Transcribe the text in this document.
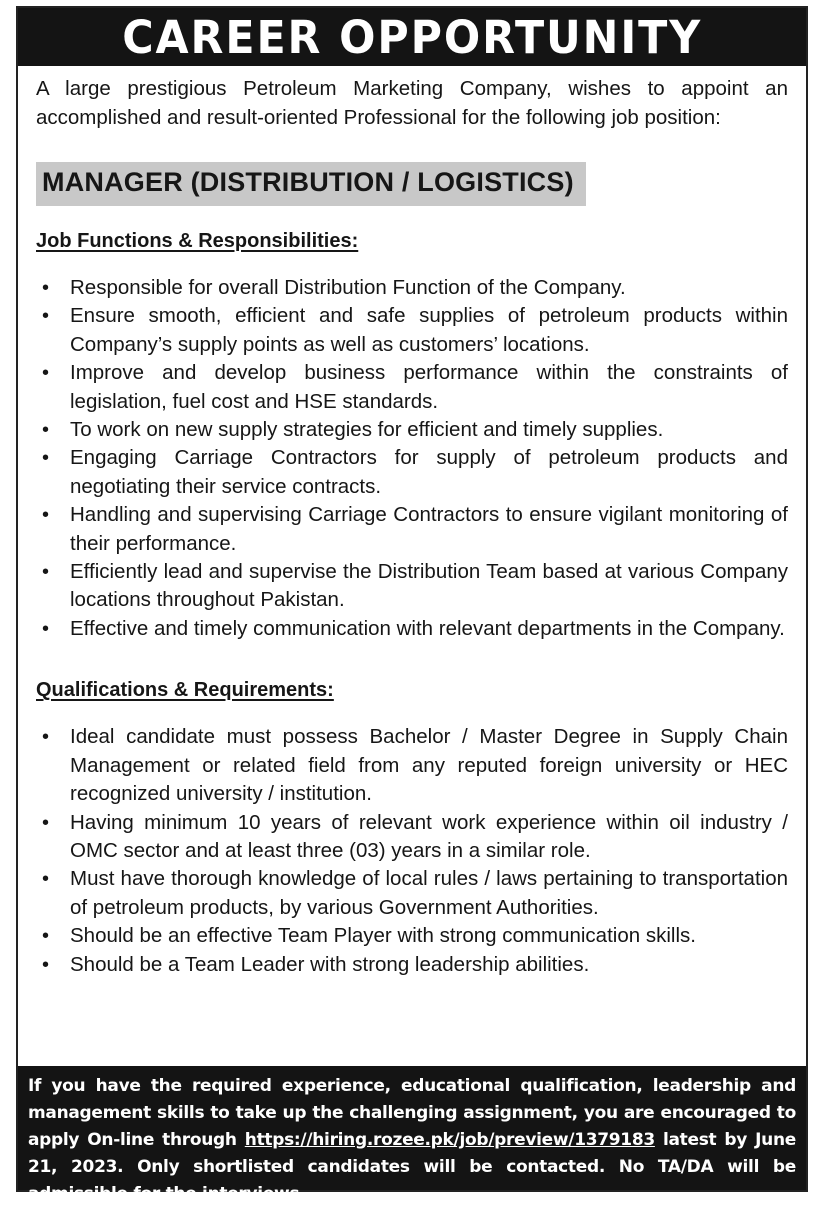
CAREER OPPORTUNITY
A large prestigious Petroleum Marketing Company, wishes to appoint an accomplished and result-oriented Professional for the following job position:
MANAGER (DISTRIBUTION / LOGISTICS)
Job Functions & Responsibilities:
• Responsible for overall Distribution Function of the Company.
• Ensure smooth, efficient and safe supplies of petroleum products within Company’s supply points as well as customers’ locations.
• Improve and develop business performance within the constraints of legislation, fuel cost and HSE standards.
• To work on new supply strategies for efficient and timely supplies.
• Engaging Carriage Contractors for supply of petroleum products and negotiating their service contracts.
• Handling and supervising Carriage Contractors to ensure vigilant monitoring of their performance.
• Efficiently lead and supervise the Distribution Team based at various Company locations throughout Pakistan.
• Effective and timely communication with relevant departments in the Company.
Qualifications & Requirements:
• Ideal candidate must possess Bachelor / Master Degree in Supply Chain Management or related field from any reputed foreign university or HEC recognized university / institution.
• Having minimum 10 years of relevant work experience within oil industry / OMC sector and at least three (03) years in a similar role.
• Must have thorough knowledge of local rules / laws pertaining to transportation of petroleum products, by various Government Authorities.
• Should be an effective Team Player with strong communication skills.
• Should be a Team Leader with strong leadership abilities.
If you have the required experience, educational qualification, leadership and management skills to take up the challenging assignment, you are encouraged to apply On-line through https://hiring.rozee.pk/job/preview/1379183 latest by June 21, 2023. Only shortlisted candidates will be contacted. No TA/DA will be admissible for the interviews.
